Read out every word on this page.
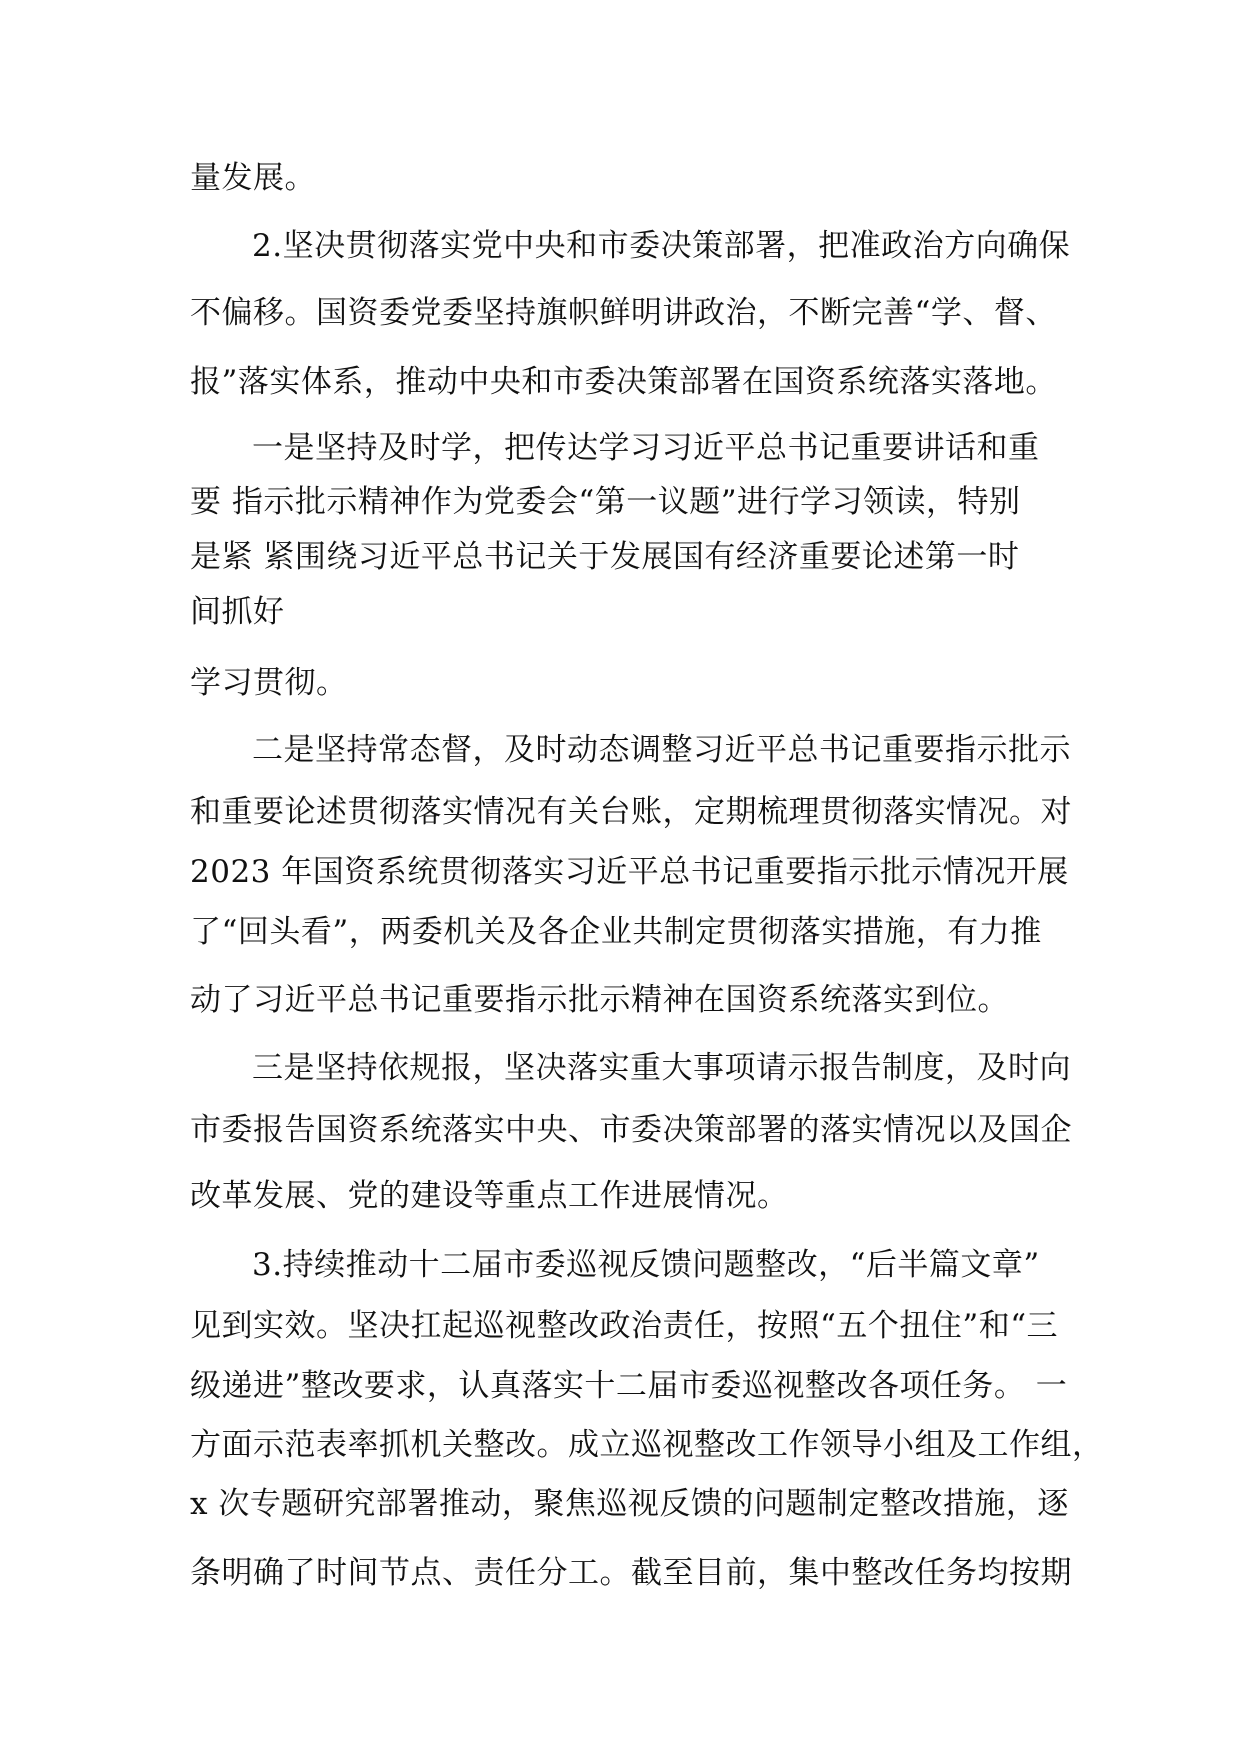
量发展。
2.坚决贯彻落实党中央和市委决策部署，把准政治方向确保
不偏移。国资委党委坚持旗帜鲜明讲政治，不断完善“学、督、
报”落实体系，推动中央和市委决策部署在国资系统落实落地。
一是坚持及时学，把传达学习习近平总书记重要讲话和重
要 指示批示精神作为党委会“第一议题”进行学习领读，特别
是紧 紧围绕习近平总书记关于发展国有经济重要论述第一时
间抓好
学习贯彻。
二是坚持常态督，及时动态调整习近平总书记重要指示批示
和重要论述贯彻落实情况有关台账，定期梳理贯彻落实情况。对
2023 年国资系统贯彻落实习近平总书记重要指示批示情况开展
了“回头看”，两委机关及各企业共制定贯彻落实措施，有力推
动了习近平总书记重要指示批示精神在国资系统落实到位。
三是坚持依规报，坚决落实重大事项请示报告制度，及时向
市委报告国资系统落实中央、市委决策部署的落实情况以及国企
改革发展、党的建设等重点工作进展情况。
3.持续推动十二届市委巡视反馈问题整改，“后半篇文章”
见到实效。坚决扛起巡视整改政治责任，按照“五个扭住”和“三
级递进”整改要求，认真落实十二届市委巡视整改各项任务。 一
方面示范表率抓机关整改。成立巡视整改工作领导小组及工作组，
x 次专题研究部署推动，聚焦巡视反馈的问题制定整改措施，逐
条明确了时间节点、责任分工。截至目前，集中整改任务均按期
